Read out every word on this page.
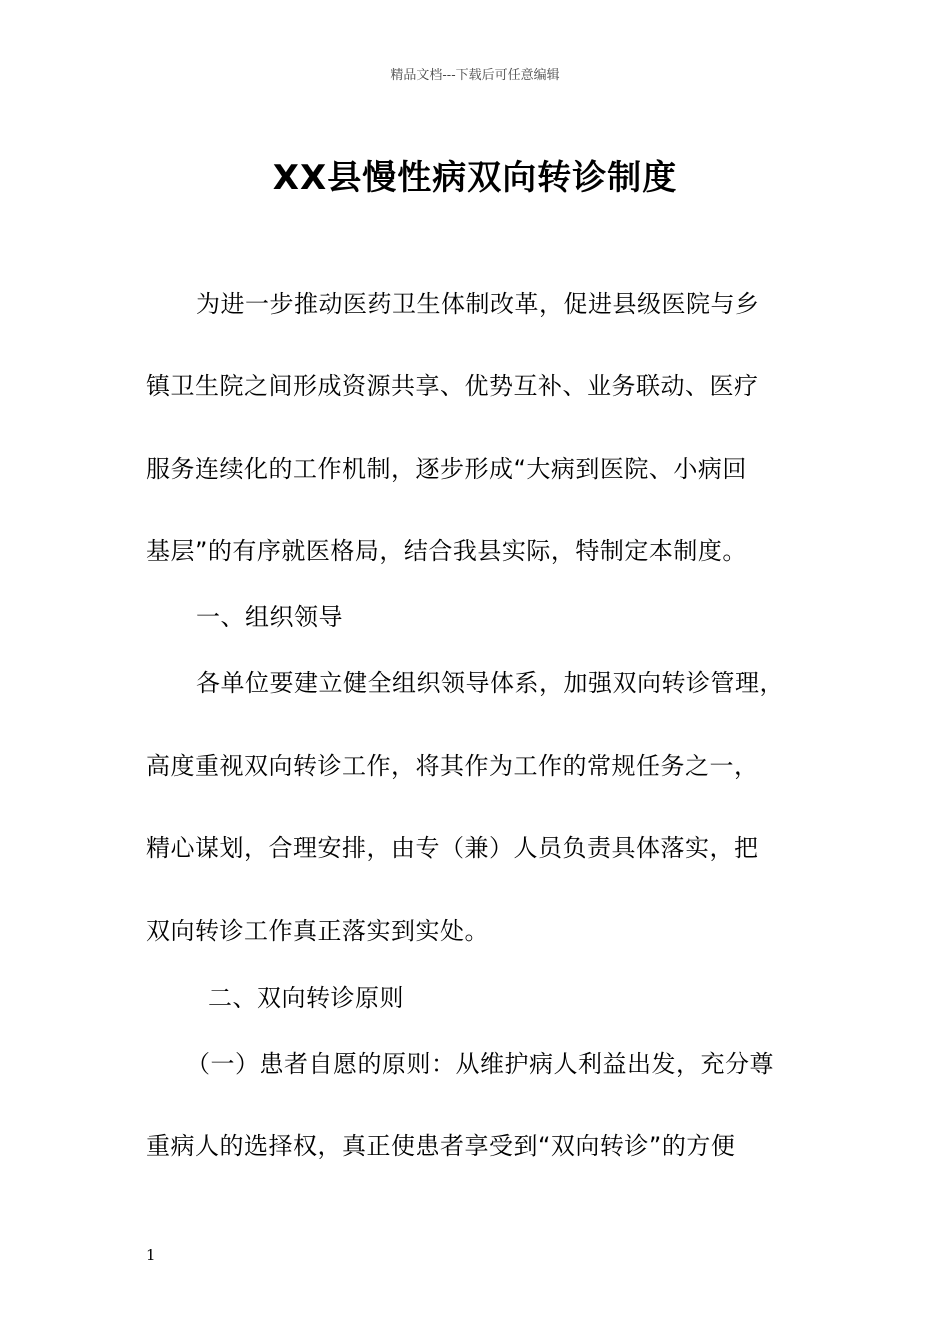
精品文档---下载后可任意编辑
XX县慢性病双向转诊制度
为进一步推动医药卫生体制改革，促进县级医院与乡
镇卫生院之间形成资源共享、优势互补、业务联动、医疗
服务连续化的工作机制，逐步形成“大病到医院、小病回
基层”的有序就医格局，结合我县实际，特制定本制度。
一、组织领导
各单位要建立健全组织领导体系，加强双向转诊管理，
高度重视双向转诊工作，将其作为工作的常规任务之一，
精心谋划，合理安排，由专（兼）人员负责具体落实，把
双向转诊工作真正落实到实处。
二、双向转诊原则
（一）患者自愿的原则：从维护病人利益出发，充分尊
重病人的选择权，真正使患者享受到“双向转诊”的方便
1
